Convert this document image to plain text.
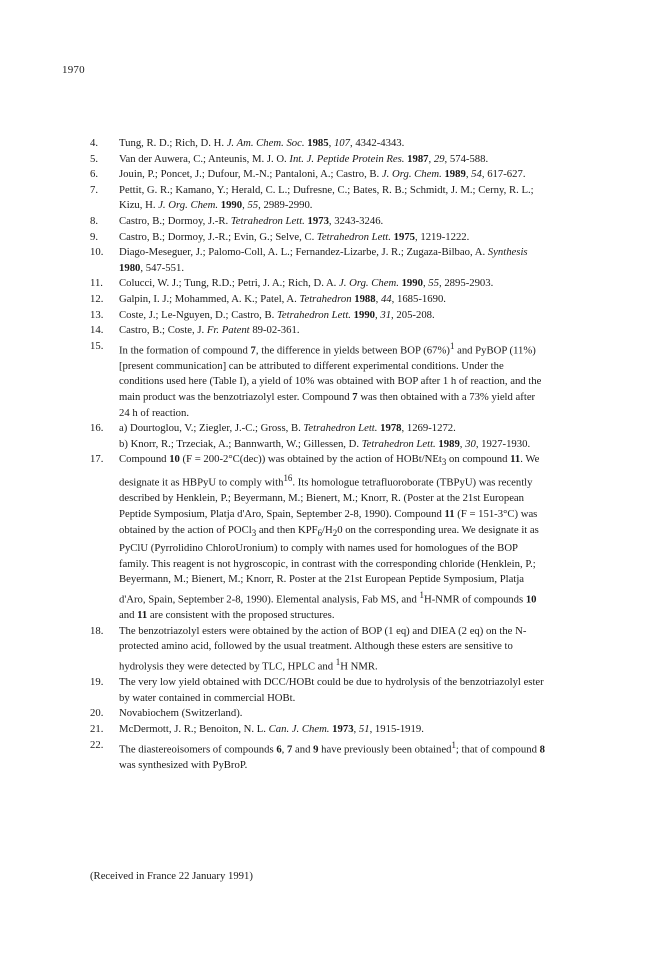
1970
4.	Tung, R. D.; Rich, D. H. J. Am. Chem. Soc. 1985, 107, 4342-4343.
5.	Van der Auwera, C.; Anteunis, M. J. O. Int. J. Peptide Protein Res. 1987, 29, 574-588.
6.	Jouin, P.; Poncet, J.; Dufour, M.-N.; Pantaloni, A.; Castro, B. J. Org. Chem. 1989, 54, 617-627.
7.	Pettit, G. R.; Kamano, Y.; Herald, C. L.; Dufresne, C.; Bates, R. B.; Schmidt, J. M.; Cerny, R. L.;
Kizu, H. J. Org. Chem. 1990, 55, 2989-2990.
8.	Castro, B.; Dormoy, J.-R. Tetrahedron Lett. 1973, 3243-3246.
9.	Castro, B.; Dormoy, J.-R.; Evin, G.; Selve, C. Tetrahedron Lett. 1975, 1219-1222.
10.	Diago-Meseguer, J.; Palomo-Coll, A. L.; Fernandez-Lizarbe, J. R.; Zugaza-Bilbao, A. Synthesis
1980, 547-551.
11.	Colucci, W. J.; Tung, R.D.; Petri, J. A.; Rich, D. A. J. Org. Chem. 1990, 55, 2895-2903.
12.	Galpin, I. J.; Mohammed, A. K.; Patel, A. Tetrahedron 1988, 44, 1685-1690.
13.	Coste, J.; Le-Nguyen, D.; Castro, B. Tetrahedron Lett. 1990, 31, 205-208.
14.	Castro, B.; Coste, J. Fr. Patent 89-02-361.
15.	In the formation of compound 7, the difference in yields between BOP $(67\%)^1$ and PyBOP (11%)
[present communication] can be attributed to different experimental conditions. Under the
conditions used here (Table I), a yield of 10% was obtained with BOP after 1 h of reaction, and the
main product was the benzotriazolyl ester. Compound 7 was then obtained with a 73% yield after
24 h of reaction.
16.	a) Dourtoglou, V.; Ziegler, J.-C.; Gross, B. Tetrahedron Lett. 1978, 1269-1272.
b) Knorr, R.; Trzeciak, A.; Bannwarth, W.; Gillessen, D. Tetrahedron Lett. 1989, 30, 1927-1930.
17.	Compound 10 (F = 200-2°C(dec)) was obtained by the action of HOBt/NEt$_3$ on compound 11. We
designate it as HBPyU to comply with$^{16}$. Its homologue tetrafluoroborate (TBPyU) was recently
described by Henklein, P.; Beyermann, M.; Bienert, M.; Knorr, R. (Poster at the 21st European
Peptide Symposium, Platja d'Aro, Spain, September 2-8, 1990). Compound 11 (F = 151-3°C) was
obtained by the action of POCl$_3$ and then $KPF_6/H_20$ on the corresponding urea. We designate it as
PyClU (Pyrrolidino ChloroUronium) to comply with names used for homologues of the BOP
family. This reagent is not hygroscopic, in contrast with the corresponding chloride (Henklein, P.;
Beyermann, M.; Bienert, M.; Knorr, R. Poster at the 21st European Peptide Symposium, Platja
d'Aro, Spain, September 2-8, 1990). Elemental analysis, Fab MS, and $^1$H-NMR of compounds 10
and 11 are consistent with the proposed structures.
18.	The benzotriazolyl esters were obtained by the action of BOP (1 eq) and DIEA (2 eq) on the N-
protected amino acid, followed by the usual treatment. Although these esters are sensitive to
hydrolysis they were detected by TLC, HPLC and $^1$H NMR.
19.	The very low yield obtained with DCC/HOBt could be due to hydrolysis of the benzotriazolyl ester
by water contained in commercial HOBt.
20.	Novabiochem (Switzerland).
21.	McDermott, J. R.; Benoiton, N. L. Can. J. Chem. 1973, 51, 1915-1919.
22.	The diastereoisomers of compounds 6, 7 and 9 have previously been obtained$^1$; that of compound 8
was synthesized with PyBroP.
(Received in France 22 January 1991)
